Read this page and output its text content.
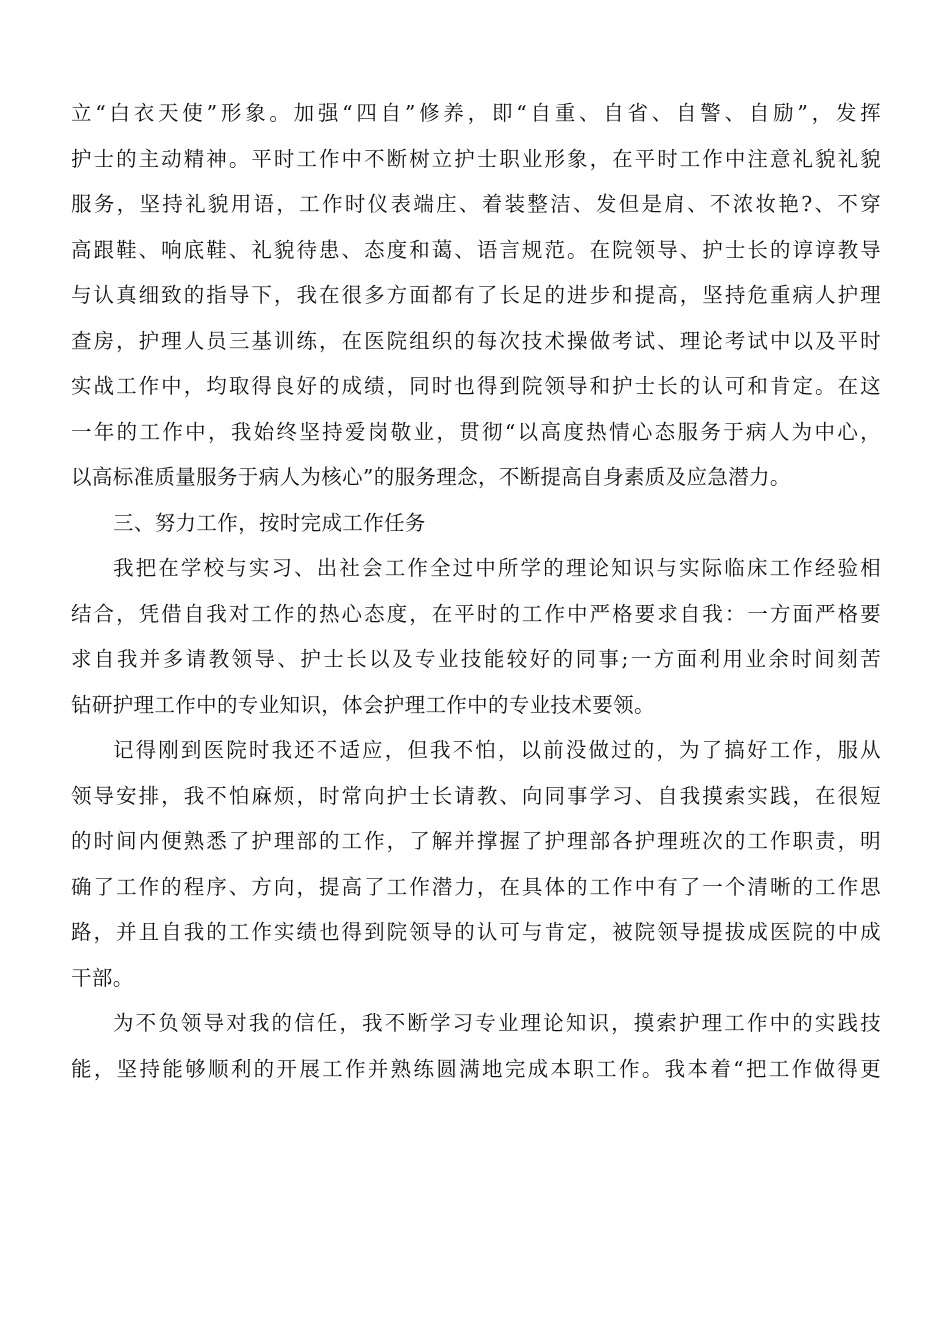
立“白衣天使”形象。加强“四自”修养，即“自重、自省、自警、自励”，发挥
护士的主动精神。平时工作中不断树立护士职业形象，在平时工作中注意礼貌礼貌
服务，坚持礼貌用语，工作时仪表端庄、着装整洁、发但是肩、不浓妆艳?、不穿
高跟鞋、响底鞋、礼貌待患、态度和蔼、语言规范。在院领导、护士长的谆谆教导
与认真细致的指导下，我在很多方面都有了长足的进步和提高，坚持危重病人护理
查房，护理人员三基训练，在医院组织的每次技术操做考试、理论考试中以及平时
实战工作中，均取得良好的成绩，同时也得到院领导和护士长的认可和肯定。在这
一年的工作中，我始终坚持爱岗敬业，贯彻“以高度热情心态服务于病人为中心，
以高标准质量服务于病人为核心”的服务理念，不断提高自身素质及应急潜力。
三、努力工作，按时完成工作任务
我把在学校与实习、出社会工作全过中所学的理论知识与实际临床工作经验相
结合，凭借自我对工作的热心态度，在平时的工作中严格要求自我：一方面严格要
求自我并多请教领导、护士长以及专业技能较好的同事;一方面利用业余时间刻苦
钻研护理工作中的专业知识，体会护理工作中的专业技术要领。
记得刚到医院时我还不适应，但我不怕，以前没做过的，为了搞好工作，服从
领导安排，我不怕麻烦，时常向护士长请教、向同事学习、自我摸索实践，在很短
的时间内便熟悉了护理部的工作，了解并撑握了护理部各护理班次的工作职责，明
确了工作的程序、方向，提高了工作潜力，在具体的工作中有了一个清晰的工作思
路，并且自我的工作实绩也得到院领导的认可与肯定，被院领导提拔成医院的中成
干部。
为不负领导对我的信任，我不断学习专业理论知识，摸索护理工作中的实践技
能，坚持能够顺利的开展工作并熟练圆满地完成本职工作。我本着“把工作做得更
